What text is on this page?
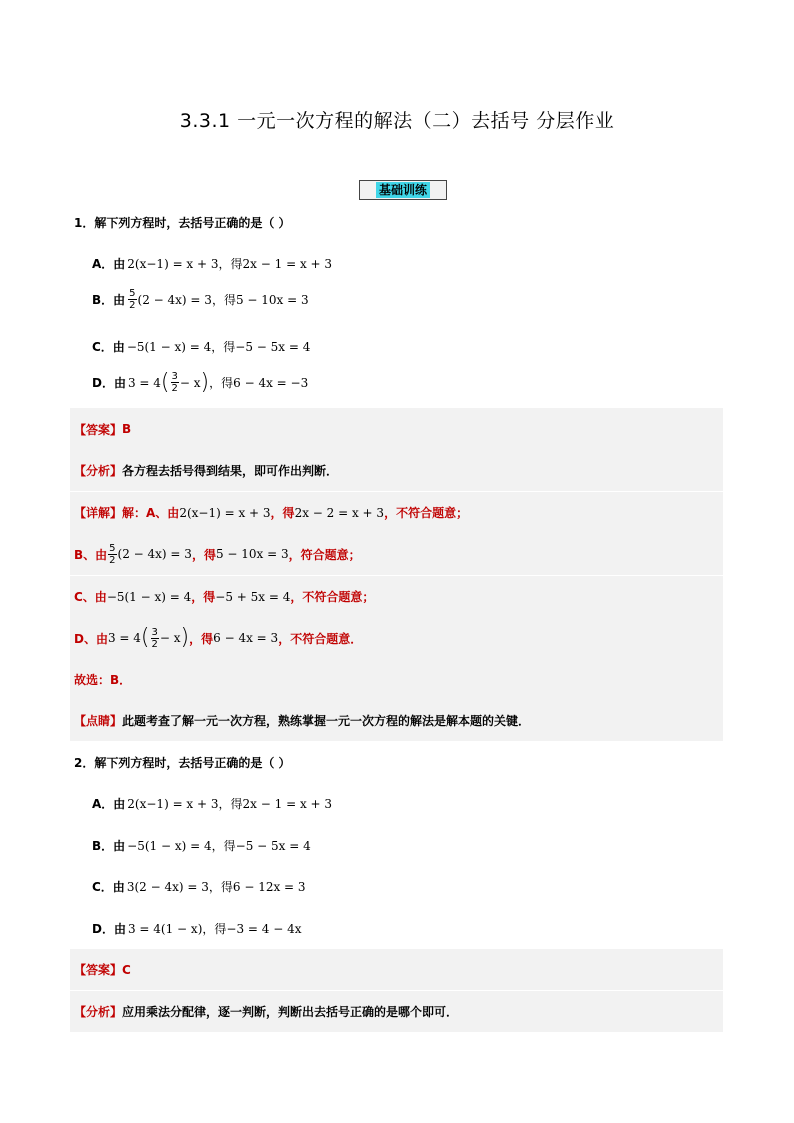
3.3.1 一元一次方程的解法（二）去括号 分层作业
基础训练
1．解下列方程时，去括号正确的是（ ）
A．由 2(x−1) = x + 3 ，得 2x − 1 = x + 3
B．由 $\frac{5}{2} (2 - 4x) = 3$ ，得 5 − 10x = 3
C．由 −5(1 − x) = 4 ，得 −5 − 5x = 4
D．由 3 = 4 ( $\frac{3}{2} - x$ ) ，得 6 − 4x = −3
【答案】 B
【分析】 各方程去括号得到结果，即可作出判断．
【详解】 解：A、由 2(x−1) = x + 3 ，得 2x − 2 = x + 3 ，不符合题意；
B、由 $\frac{5}{2} (2 - 4x) = 3$ ，得 5 − 10x = 3 ，符合题意；
C、由 −5(1 − x) = 4 ，得 −5 + 5x = 4 ，不符合题意；
D、由 3 = 4 ( $\frac{3}{2} - x$ ) ，得 6 − 4x = 3 ，不符合题意．
故选： B．
【点睛】 此题考查了解一元一次方程，熟练掌握一元一次方程的解法是解本题的关键．
2．解下列方程时，去括号正确的是（ ）
A．由 2(x−1) = x + 3 ，得 2x − 1 = x + 3
B．由 −5(1 − x) = 4 ，得 −5 − 5x = 4
C．由 3(2 − 4x) = 3 ，得 6 − 12x = 3
D．由 3 = 4(1 − x) ，得 −3 = 4 − 4x
【答案】 C
【分析】 应用乘法分配律，逐一判断，判断出去括号正确的是哪个即可．
